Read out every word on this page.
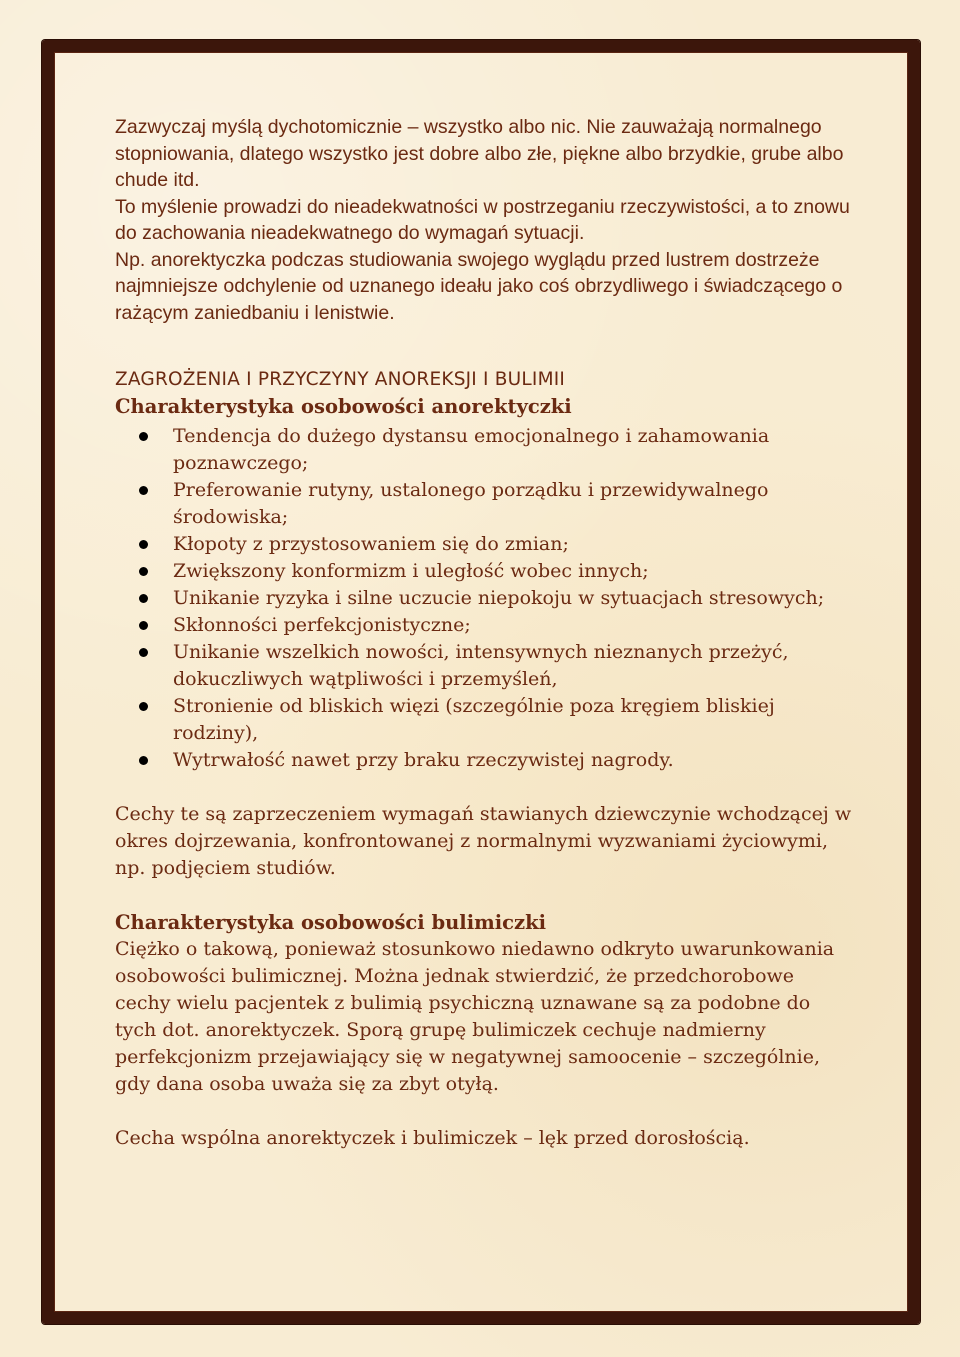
Zazwyczaj myślą dychotomicznie – wszystko albo nic. Nie zauważają normalnego stopniowania, dlatego wszystko jest dobre albo złe, piękne albo brzydkie, grube albo chude itd.

To myślenie prowadzi do nieadekwatności w postrzeganiu rzeczywistości, a to znowu do zachowania nieadekwatnego do wymagań sytuacji.

Np. anorektyczka podczas studiowania swojego wyglądu przed lustrem dostrzeże najmniejsze odchylenie od uznanego ideału jako coś obrzydliwego i świadczącego o rażącym zaniedbaniu i lenistwie.

ZAGROŻENIA I PRZYCZYNY ANOREKSJI I BULIMII
Charakterystyka osobowości anorektyczki
Tendencja do dużego dystansu emocjonalnego i zahamowania poznawczego;
Preferowanie rutyny, ustalonego porządku i przewidywalnego środowiska;
Kłopoty z przystosowaniem się do zmian;
Zwiększony konformizm i uległość wobec innych;
Unikanie ryzyka i silne uczucie niepokoju w sytuacjach stresowych;
Skłonności perfekcjonistyczne;
Unikanie wszelkich nowości, intensywnych nieznanych przeżyć, dokuczliwych wątpliwości i przemyśleń,
Stronienie od bliskich więzi (szczególnie poza kręgiem bliskiej rodziny),
Wytrwałość nawet przy braku rzeczywistej nagrody.

Cechy te są zaprzeczeniem wymagań stawianych dziewczynie wchodzącej w okres dojrzewania, konfrontowanej z normalnymi wyzwaniami życiowymi, np. podjęciem studiów.

Charakterystyka osobowości bulimiczki

Ciężko o takową, ponieważ stosunkowo niedawno odkryto uwarunkowania osobowości bulimicznej. Można jednak stwierdzić, że przedchorobowe cechy wielu pacjentek z bulimią psychiczną uznawane są za podobne do tych dot. anorektyczek. Sporą grupę bulimiczek cechuje nadmierny perfekcjonizm przejawiający się w negatywnej samoocenie – szczególnie, gdy dana osoba uważa się za zbyt otyłą.

Cecha wspólna anorektyczek i bulimiczek – lęk przed dorosłością.
